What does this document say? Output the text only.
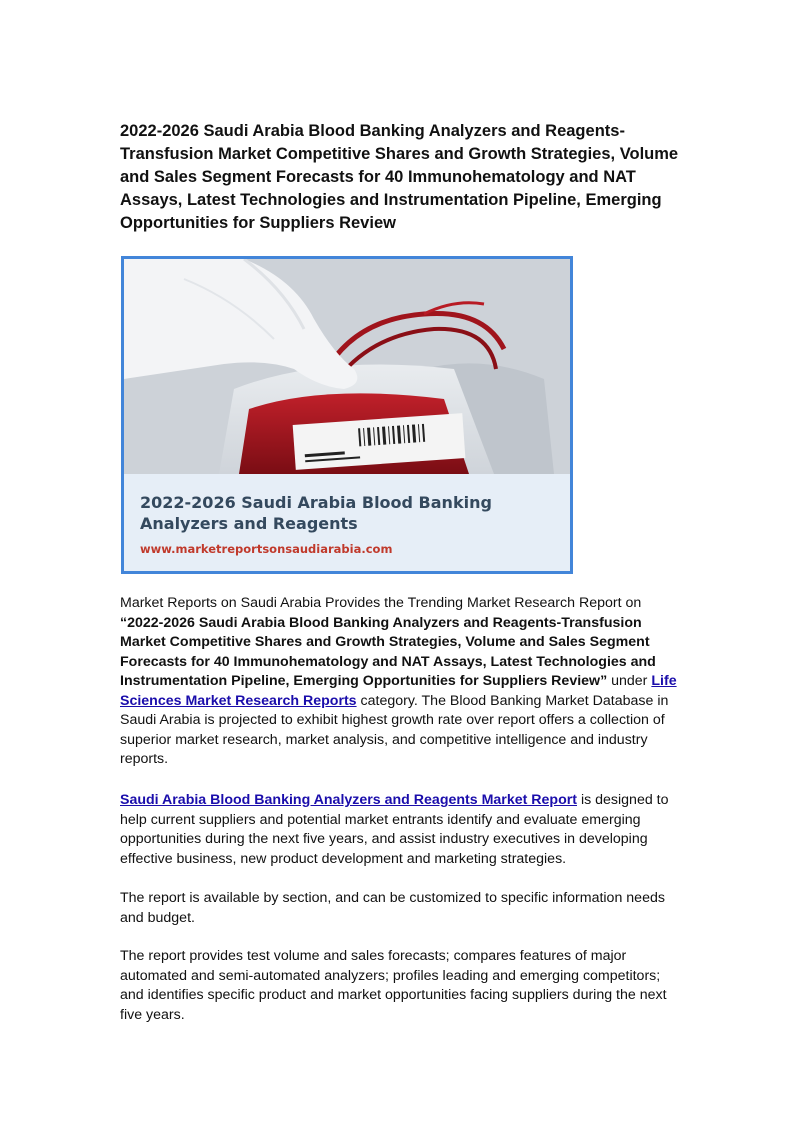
2022-2026 Saudi Arabia Blood Banking Analyzers and Reagents-Transfusion Market Competitive Shares and Growth Strategies, Volume and Sales Segment Forecasts for 40 Immunohematology and NAT Assays, Latest Technologies and Instrumentation Pipeline, Emerging Opportunities for Suppliers Review

2022-2026 Saudi Arabia Blood Banking Analyzers and Reagents

www.marketreportsonsaudiarabia.com

Market Reports on Saudi Arabia Provides the Trending Market Research Report on “2022-2026 Saudi Arabia Blood Banking Analyzers and Reagents-Transfusion Market Competitive Shares and Growth Strategies, Volume and Sales Segment Forecasts for 40 Immunohematology and NAT Assays, Latest Technologies and Instrumentation Pipeline, Emerging Opportunities for Suppliers Review” under Life Sciences Market Research Reports category. The Blood Banking Market Database in Saudi Arabia is projected to exhibit highest growth rate over report offers a collection of superior market research, market analysis, and competitive intelligence and industry reports.

Saudi Arabia Blood Banking Analyzers and Reagents Market Report is designed to help current suppliers and potential market entrants identify and evaluate emerging opportunities during the next five years, and assist industry executives in developing effective business, new product development and marketing strategies.

The report is available by section, and can be customized to specific information needs and budget.

The report provides test volume and sales forecasts; compares features of major automated and semi-automated analyzers; profiles leading and emerging competitors; and identifies specific product and market opportunities facing suppliers during the next five years.
